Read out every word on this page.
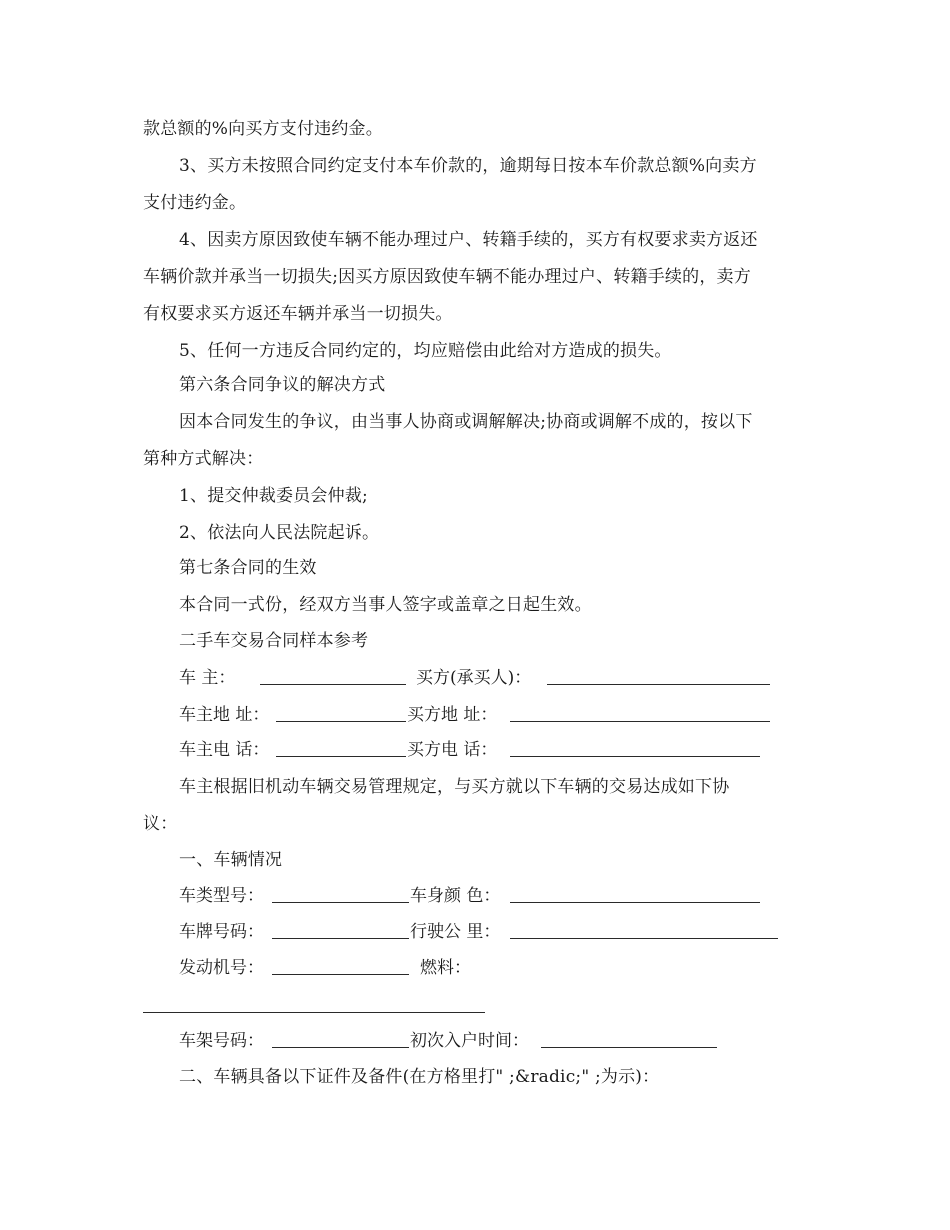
款总额的%向买方支付违约金。
3、买方未按照合同约定支付本车价款的，逾期每日按本车价款总额%向卖方
支付违约金。
4、因卖方原因致使车辆不能办理过户、转籍手续的，买方有权要求卖方返还
车辆价款并承当一切损失;因买方原因致使车辆不能办理过户、转籍手续的，卖方
有权要求买方返还车辆并承当一切损失。
5、任何一方违反合同约定的，均应赔偿由此给对方造成的损失。
第六条合同争议的解决方式
因本合同发生的争议，由当事人协商或调解解决;协商或调解不成的，按以下
第种方式解决：
1、提交仲裁委员会仲裁;
2、依法向人民法院起诉。
第七条合同的生效
本合同一式份，经双方当事人签字或盖章之日起生效。
二手车交易合同样本参考
车 主：	买方(承买人)：
车主地 址：	买方地 址：
车主电 话：	买方电 话：
车主根据旧机动车辆交易管理规定，与买方就以下车辆的交易达成如下协
议：
一、车辆情况
车类型号：	车身颜 色：
车牌号码：	行驶公 里：
发动机号：	燃料：
车架号码：	初次入户时间：
二、车辆具备以下证件及备件(在方格里打" ;&radic;" ;为示)：
